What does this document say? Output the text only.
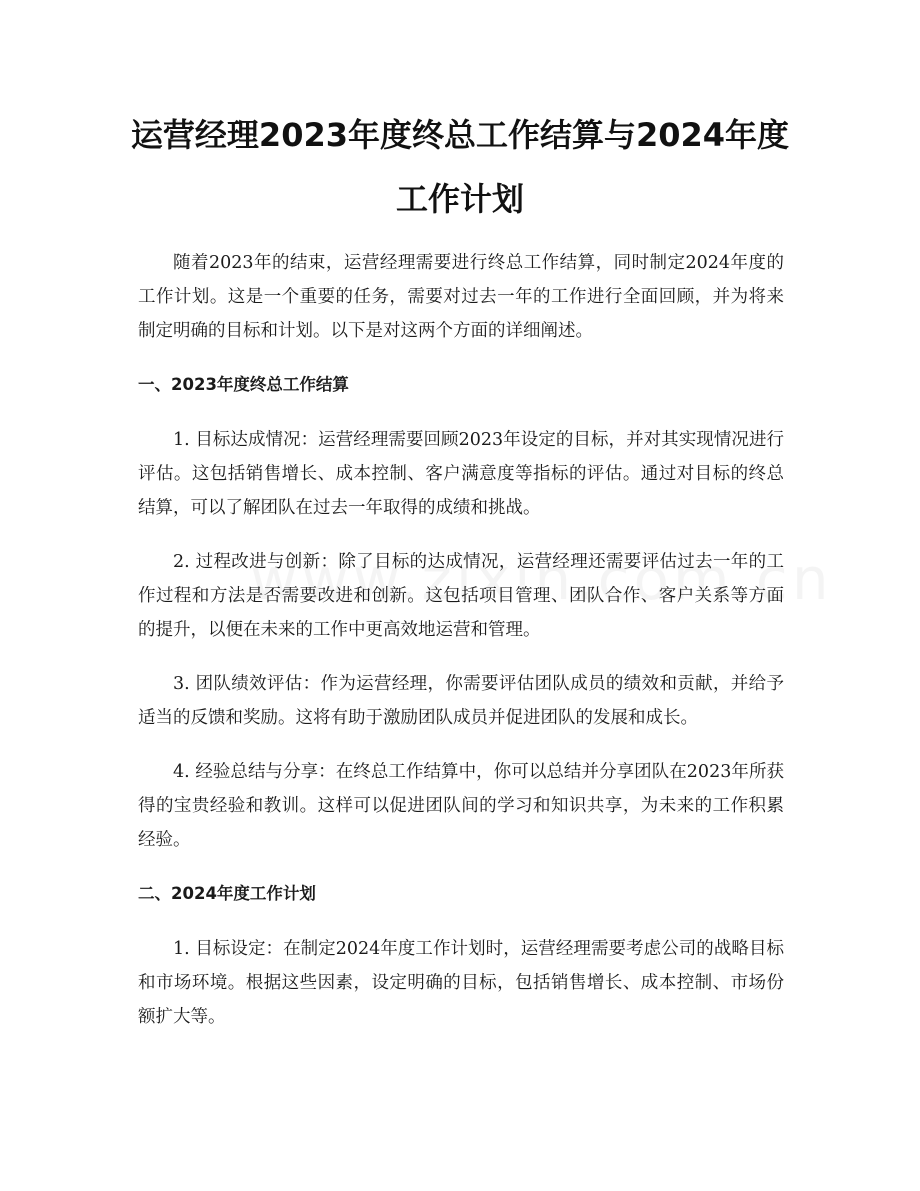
运营经理2023年度终总工作结算与2024年度工作计划

随着2023年的结束，运营经理需要进行终总工作结算，同时制定2024年度的工作计划。这是一个重要的任务，需要对过去一年的工作进行全面回顾，并为将来制定明确的目标和计划。以下是对这两个方面的详细阐述。

一、2023年度终总工作结算

1. 目标达成情况：运营经理需要回顾2023年设定的目标，并对其实现情况进行评估。这包括销售增长、成本控制、客户满意度等指标的评估。通过对目标的终总结算，可以了解团队在过去一年取得的成绩和挑战。

2. 过程改进与创新：除了目标的达成情况，运营经理还需要评估过去一年的工作过程和方法是否需要改进和创新。这包括项目管理、团队合作、客户关系等方面的提升，以便在未来的工作中更高效地运营和管理。

3. 团队绩效评估：作为运营经理，你需要评估团队成员的绩效和贡献，并给予适当的反馈和奖励。这将有助于激励团队成员并促进团队的发展和成长。

4. 经验总结与分享：在终总工作结算中，你可以总结并分享团队在2023年所获得的宝贵经验和教训。这样可以促进团队间的学习和知识共享，为未来的工作积累经验。

二、2024年度工作计划

1. 目标设定：在制定2024年度工作计划时，运营经理需要考虑公司的战略目标和市场环境。根据这些因素，设定明确的目标，包括销售增长、成本控制、市场份额扩大等。
